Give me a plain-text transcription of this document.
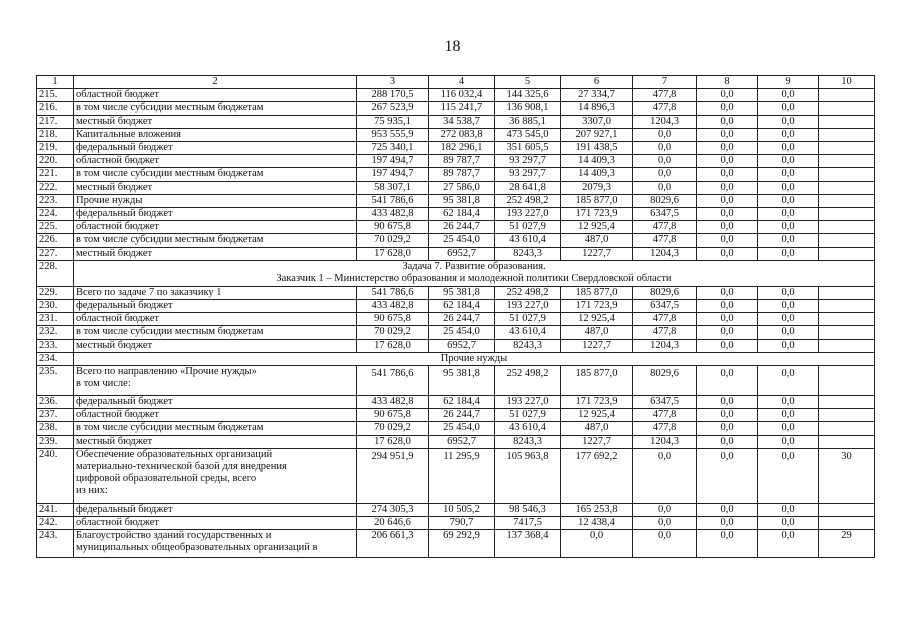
18
1	2	3	4	5	6	7	8	9	10
215.	областной бюджет	288 170,5	116 032,4	144 325,6	27 334,7	477,8	0,0	0,0	
216.	в том числе субсидии местным бюджетам	267 523,9	115 241,7	136 908,1	14 896,3	477,8	0,0	0,0	
217.	местный бюджет	75 935,1	34 538,7	36 885,1	3307,0	1204,3	0,0	0,0	
218.	Капитальные вложения	953 555,9	272 083,8	473 545,0	207 927,1	0,0	0,0	0,0	
219.	федеральный бюджет	725 340,1	182 296,1	351 605,5	191 438,5	0,0	0,0	0,0	
220.	областной бюджет	197 494,7	89 787,7	93 297,7	14 409,3	0,0	0,0	0,0	
221.	в том числе субсидии местным бюджетам	197 494,7	89 787,7	93 297,7	14 409,3	0,0	0,0	0,0	
222.	местный бюджет	58 307,1	27 586,0	28 641,8	2079,3	0,0	0,0	0,0	
223.	Прочие нужды	541 786,6	95 381,8	252 498,2	185 877,0	8029,6	0,0	0,0	
224.	федеральный бюджет	433 482,8	62 184,4	193 227,0	171 723,9	6347,5	0,0	0,0	
225.	областной бюджет	90 675,8	26 244,7	51 027,9	12 925,4	477,8	0,0	0,0	
226.	в том числе субсидии местным бюджетам	70 029,2	25 454,0	43 610,4	487,0	477,8	0,0	0,0	
227.	местный бюджет	17 628,0	6952,7	8243,3	1227,7	1204,3	0,0	0,0	
228.	Задача 7. Развитие образования.
Заказчик 1 – Министерство образования и молодежной политики Свердловской области								

229.	Всего по задаче 7 по заказчику 1	541 786,6	95 381,8	252 498,2	185 877,0	8029,6	0,0	0,0	
230.	федеральный бюджет	433 482,8	62 184,4	193 227,0	171 723,9	6347,5	0,0	0,0	
231.	областной бюджет	90 675,8	26 244,7	51 027,9	12 925,4	477,8	0,0	0,0	
232.	в том числе субсидии местным бюджетам	70 029,2	25 454,0	43 610,4	487,0	477,8	0,0	0,0	
233.	местный бюджет	17 628,0	6952,7	8243,3	1227,7	1204,3	0,0	0,0	
234.	Прочие нужды								
235.	Всего по направлению «Прочие нужды»
в том числе:	541 786,6	95 381,8	252 498,2	185 877,0	8029,6	0,0	0,0	
236.	федеральный бюджет	433 482,8	62 184,4	193 227,0	171 723,9	6347,5	0,0	0,0	
237.	областной бюджет	90 675,8	26 244,7	51 027,9	12 925,4	477,8	0,0	0,0	
238.	в том числе субсидии местным бюджетам	70 029,2	25 454,0	43 610,4	487,0	477,8	0,0	0,0	
239.	местный бюджет	17 628,0	6952,7	8243,3	1227,7	1204,3	0,0	0,0	
240.	Обеспечение образовательных организаций
материально-технической базой для внедрения
цифровой образовательной среды, всего
из них:	294 951,9	11 295,9	105 963,8	177 692,2	0,0	0,0	0,0	30
241.	федеральный бюджет	274 305,3	10 505,2	98 546,3	165 253,8	0,0	0,0	0,0	
242.	областной бюджет	20 646,6	790,7	7417,5	12 438,4	0,0	0,0	0,0	
243.	Благоустройство зданий государственных и
муниципальных общеобразовательных организаций в	206 661,3	69 292,9	137 368,4	0,0	0,0	0,0	0,0	29
